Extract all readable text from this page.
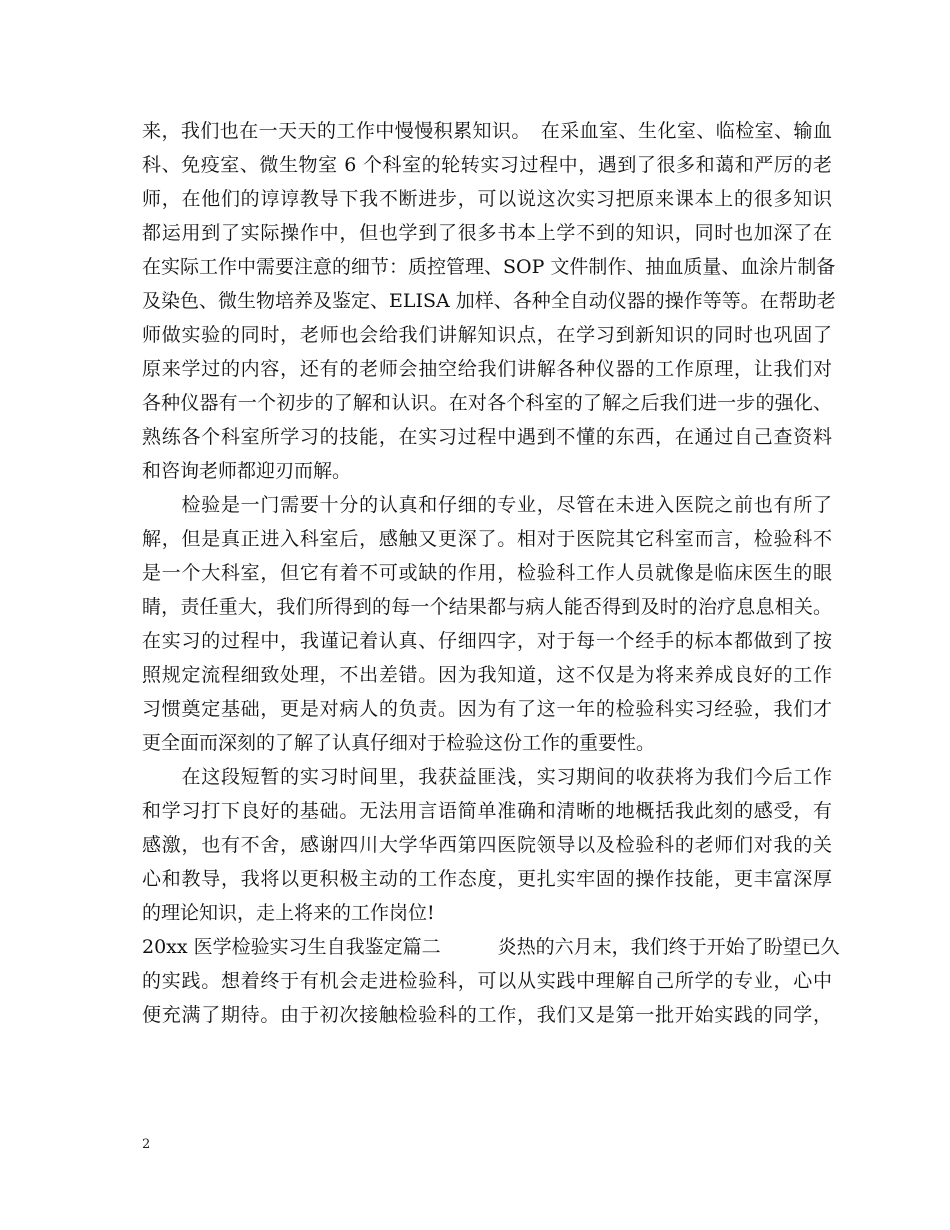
来，我们也在一天天的工作中慢慢积累知识。　在采血室、生化室、临检室、输血
科、免疫室、微生物室 6 个科室的轮转实习过程中，遇到了很多和蔼和严厉的老
师，在他们的谆谆教导下我不断进步，可以说这次实习把原来课本上的很多知识
都运用到了实际操作中，但也学到了很多书本上学不到的知识，同时也加深了在
在实际工作中需要注意的细节：质控管理、SOP 文件制作、抽血质量、血涂片制备
及染色、微生物培养及鉴定、ELISA 加样、各种全自动仪器的操作等等。在帮助老
师做实验的同时，老师也会给我们讲解知识点，在学习到新知识的同时也巩固了
原来学过的内容，还有的老师会抽空给我们讲解各种仪器的工作原理，让我们对
各种仪器有一个初步的了解和认识。在对各个科室的了解之后我们进一步的强化、
熟练各个科室所学习的技能，在实习过程中遇到不懂的东西，在通过自己查资料
和咨询老师都迎刃而解。
　　检验是一门需要十分的认真和仔细的专业，尽管在未进入医院之前也有所了
解，但是真正进入科室后，感触又更深了。相对于医院其它科室而言，检验科不
是一个大科室，但它有着不可或缺的作用，检验科工作人员就像是临床医生的眼
睛，责任重大，我们所得到的每一个结果都与病人能否得到及时的治疗息息相关。
在实习的过程中，我谨记着认真、仔细四字，对于每一个经手的标本都做到了按
照规定流程细致处理，不出差错。因为我知道，这不仅是为将来养成良好的工作
习惯奠定基础，更是对病人的负责。因为有了这一年的检验科实习经验，我们才
更全面而深刻的了解了认真仔细对于检验这份工作的重要性。
　　在这段短暂的实习时间里，我获益匪浅，实习期间的收获将为我们今后工作
和学习打下良好的基础。无法用言语简单准确和清晰的地概括我此刻的感受，有
感激，也有不舍，感谢四川大学华西第四医院领导以及检验科的老师们对我的关
心和教导，我将以更积极主动的工作态度，更扎实牢固的操作技能，更丰富深厚
的理论知识，走上将来的工作岗位!
20xx 医学检验实习生自我鉴定篇二　　　炎热的六月末，我们终于开始了盼望已久
的实践。想着终于有机会走进检验科，可以从实践中理解自己所学的专业，心中
便充满了期待。由于初次接触检验科的工作，我们又是第一批开始实践的同学，
2
